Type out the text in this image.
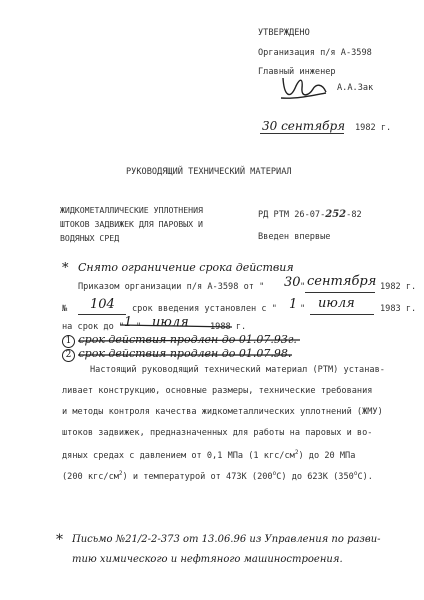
УТВЕРЖДЕНО
Организация п/я А-3598
Главный инженер
А.А.Зак
30 сентября 1982 г.
РУКОВОДЯЩИЙ ТЕХНИЧЕСКИЙ МАТЕРИАЛ
ЖИДКОМЕТАЛЛИЧЕСКИЕ УПЛОТНЕНИЯ
ШТОКОВ ЗАДВИЖЕК ДЛЯ ПАРОВЫХ И
ВОДЯНЫХ СРЕД
РД РТМ 26-07-252-82
Введен впервые
* Снято ограничение срока действия
Приказом организации п/я А-3598 от " 30 " сентября 1982 г.
№ 104 срок введения установлен с " 1 " июля	1983 г.
на срок до " 1 " июля 1988 г.
1 срок действия продлен до 01.07.93г.
2 срок действия продлен до 01.07.98.
Настоящий руководящий технический материал (РТМ) устанав-
ливает конструкцию, основные размеры, технические требования
и методы контроля качества жидкометаллических уплотнений (ЖМУ)
штоков задвижек, предназначенных для работы на паровых и во-
дяных средах с давлением от 0,1 МПа (1 кгс/$см^2$) до 20 МПа
(200 кгс/$см^2$) и температурой от 473К $(200^оС)$ до 623К $(350^оС)$.
* Письмо №21/2-2-373 от 13.06.96 из Управления по разви-
тию химического и нефтяного машиностроения.
